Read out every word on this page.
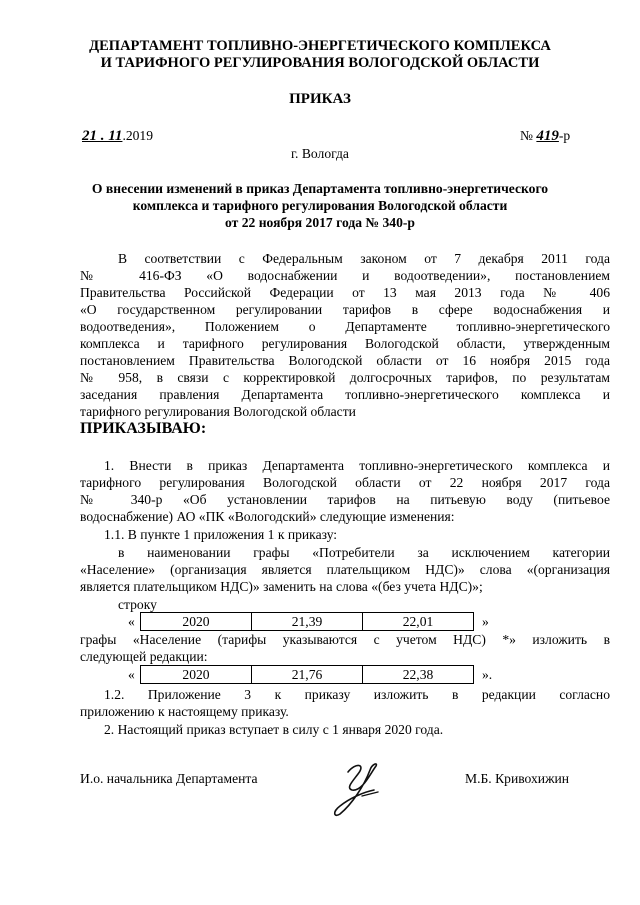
ДЕПАРТАМЕНТ ТОПЛИВНО-ЭНЕРГЕТИЧЕСКОГО КОМПЛЕКСА
И ТАРИФНОГО РЕГУЛИРОВАНИЯ ВОЛОГОДСКОЙ ОБЛАСТИ
ПРИКАЗ
21 . 11.2019	№ 419-р
г. Вологда
О внесении изменений в приказ Департамента топливно-энергетического
комплекса и тарифного регулирования Вологодской области
от 22 ноября 2017 года № 340-р
В соответствии с Федеральным законом от 7 декабря 2011 года
№ 416-ФЗ «О водоснабжении и водоотведении», постановлением
Правительства Российской Федерации от 13 мая 2013 года № 406
«О государственном регулировании тарифов в сфере водоснабжения и
водоотведения», Положением о Департаменте топливно-энергетического
комплекса и тарифного регулирования Вологодской области, утвержденным
постановлением Правительства Вологодской области от 16 ноября 2015 года
№ 958, в связи с корректировкой долгосрочных тарифов, по результатам
заседания правления Департамента топливно-энергетического комплекса и
тарифного регулирования Вологодской области
ПРИКАЗЫВАЮ:
1. Внести в приказ Департамента топливно-энергетического комплекса и
тарифного регулирования Вологодской области от 22 ноября 2017 года
№ 340-р «Об установлении тарифов на питьевую воду (питьевое
водоснабжение) АО «ПК «Вологодский» следующие изменения:
1.1. В пункте 1 приложения 1 к приказу:
в наименовании графы «Потребители за исключением категории
«Население» (организация является плательщиком НДС)» слова «(организация
является плательщиком НДС)» заменить на слова «(без учета НДС)»;
строку
«	2020	21,39	22,01	»
графы «Население (тарифы указываются с учетом НДС) *» изложить в
следующей редакции:
«	2020	21,76	22,38	».
1.2. Приложение 3 к приказу изложить в редакции согласно
приложению к настоящему приказу.
2. Настоящий приказ вступает в силу с 1 января 2020 года.
И.о. начальника Департамента	М.Б. Кривохижин
